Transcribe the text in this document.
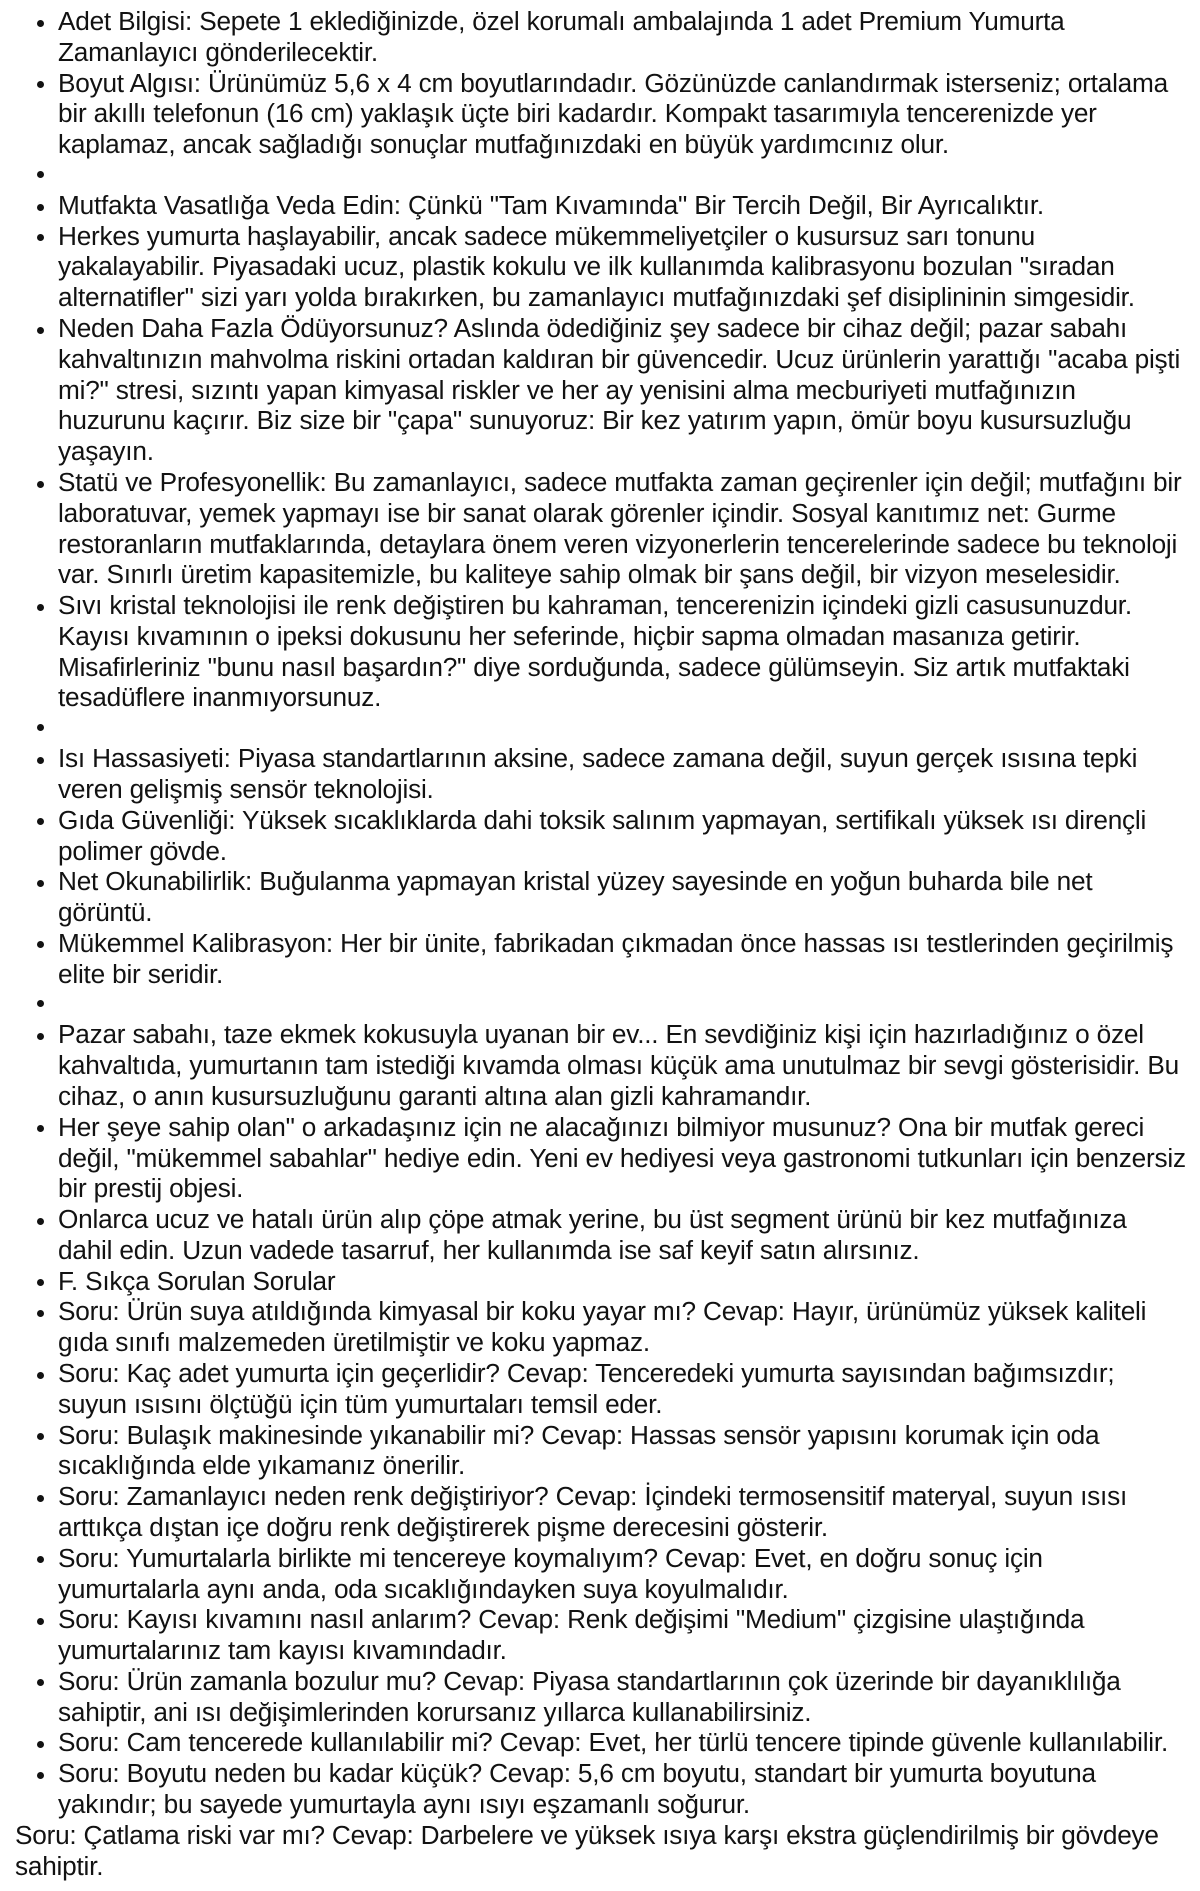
Adet Bilgisi: Sepete 1 eklediğinizde, özel korumalı ambalajında 1 adet Premium Yumurta Zamanlayıcı gönderilecektir.
Boyut Algısı: Ürünümüz 5,6 x 4 cm boyutlarındadır. Gözünüzde canlandırmak isterseniz; ortalama bir akıllı telefonun (16 cm) yaklaşık üçte biri kadardır. Kompakt tasarımıyla tencerenizde yer kaplamaz, ancak sağladığı sonuçlar mutfağınızdaki en büyük yardımcınız olur.
Mutfakta Vasatlığa Veda Edin: Çünkü "Tam Kıvamında" Bir Tercih Değil, Bir Ayrıcalıktır.
Herkes yumurta haşlayabilir, ancak sadece mükemmeliyetçiler o kusursuz sarı tonunu yakalayabilir. Piyasadaki ucuz, plastik kokulu ve ilk kullanımda kalibrasyonu bozulan "sıradan alternatifler" sizi yarı yolda bırakırken, bu zamanlayıcı mutfağınızdaki şef disiplininin simgesidir.
Neden Daha Fazla Ödüyorsunuz? Aslında ödediğiniz şey sadece bir cihaz değil; pazar sabahı kahvaltınızın mahvolma riskini ortadan kaldıran bir güvencedir. Ucuz ürünlerin yarattığı "acaba pişti mi?" stresi, sızıntı yapan kimyasal riskler ve her ay yenisini alma mecburiyeti mutfağınızın huzurunu kaçırır. Biz size bir "çapa" sunuyoruz: Bir kez yatırım yapın, ömür boyu kusursuzluğu yaşayın.
Statü ve Profesyonellik: Bu zamanlayıcı, sadece mutfakta zaman geçirenler için değil; mutfağını bir laboratuvar, yemek yapmayı ise bir sanat olarak görenler içindir. Sosyal kanıtımız net: Gurme restoranların mutfaklarında, detaylara önem veren vizyonerlerin tencerelerinde sadece bu teknoloji var. Sınırlı üretim kapasitemizle, bu kaliteye sahip olmak bir şans değil, bir vizyon meselesidir.
Sıvı kristal teknolojisi ile renk değiştiren bu kahraman, tencerenizin içindeki gizli casusunuzdur. Kayısı kıvamının o ipeksi dokusunu her seferinde, hiçbir sapma olmadan masanıza getirir. Misafirleriniz "bunu nasıl başardın?" diye sorduğunda, sadece gülümseyin. Siz artık mutfaktaki tesadüflere inanmıyorsunuz.
Isı Hassasiyeti: Piyasa standartlarının aksine, sadece zamana değil, suyun gerçek ısısına tepki veren gelişmiş sensör teknolojisi.
Gıda Güvenliği: Yüksek sıcaklıklarda dahi toksik salınım yapmayan, sertifikalı yüksek ısı dirençli polimer gövde.
Net Okunabilirlik: Buğulanma yapmayan kristal yüzey sayesinde en yoğun buharda bile net görüntü.
Mükemmel Kalibrasyon: Her bir ünite, fabrikadan çıkmadan önce hassas ısı testlerinden geçirilmiş elite bir seridir.
Pazar sabahı, taze ekmek kokusuyla uyanan bir ev... En sevdiğiniz kişi için hazırladığınız o özel kahvaltıda, yumurtanın tam istediği kıvamda olması küçük ama unutulmaz bir sevgi gösterisidir. Bu cihaz, o anın kusursuzluğunu garanti altına alan gizli kahramandır.
Her şeye sahip olan" o arkadaşınız için ne alacağınızı bilmiyor musunuz? Ona bir mutfak gereci değil, "mükemmel sabahlar" hediye edin. Yeni ev hediyesi veya gastronomi tutkunları için benzersiz bir prestij objesi.
Onlarca ucuz ve hatalı ürün alıp çöpe atmak yerine, bu üst segment ürünü bir kez mutfağınıza dahil edin. Uzun vadede tasarruf, her kullanımda ise saf keyif satın alırsınız.
F. Sıkça Sorulan Sorular
Soru: Ürün suya atıldığında kimyasal bir koku yayar mı? Cevap: Hayır, ürünümüz yüksek kaliteli gıda sınıfı malzemeden üretilmiştir ve koku yapmaz.
Soru: Kaç adet yumurta için geçerlidir? Cevap: Tenceredeki yumurta sayısından bağımsızdır; suyun ısısını ölçtüğü için tüm yumurtaları temsil eder.
Soru: Bulaşık makinesinde yıkanabilir mi? Cevap: Hassas sensör yapısını korumak için oda sıcaklığında elde yıkamanız önerilir.
Soru: Zamanlayıcı neden renk değiştiriyor? Cevap: İçindeki termosensitif materyal, suyun ısısı arttıkça dıştan içe doğru renk değiştirerek pişme derecesini gösterir.
Soru: Yumurtalarla birlikte mi tencereye koymalıyım? Cevap: Evet, en doğru sonuç için yumurtalarla aynı anda, oda sıcaklığındayken suya koyulmalıdır.
Soru: Kayısı kıvamını nasıl anlarım? Cevap: Renk değişimi "Medium" çizgisine ulaştığında yumurtalarınız tam kayısı kıvamındadır.
Soru: Ürün zamanla bozulur mu? Cevap: Piyasa standartlarının çok üzerinde bir dayanıklılığa sahiptir, ani ısı değişimlerinden korursanız yıllarca kullanabilirsiniz.
Soru: Cam tencerede kullanılabilir mi? Cevap: Evet, her türlü tencere tipinde güvenle kullanılabilir.
Soru: Boyutu neden bu kadar küçük? Cevap: 5,6 cm boyutu, standart bir yumurta boyutuna yakındır; bu sayede yumurtayla aynı ısıyı eşzamanlı soğurur.

Soru: Çatlama riski var mı? Cevap: Darbelere ve yüksek ısıya karşı ekstra güçlendirilmiş bir gövdeye sahiptir.
